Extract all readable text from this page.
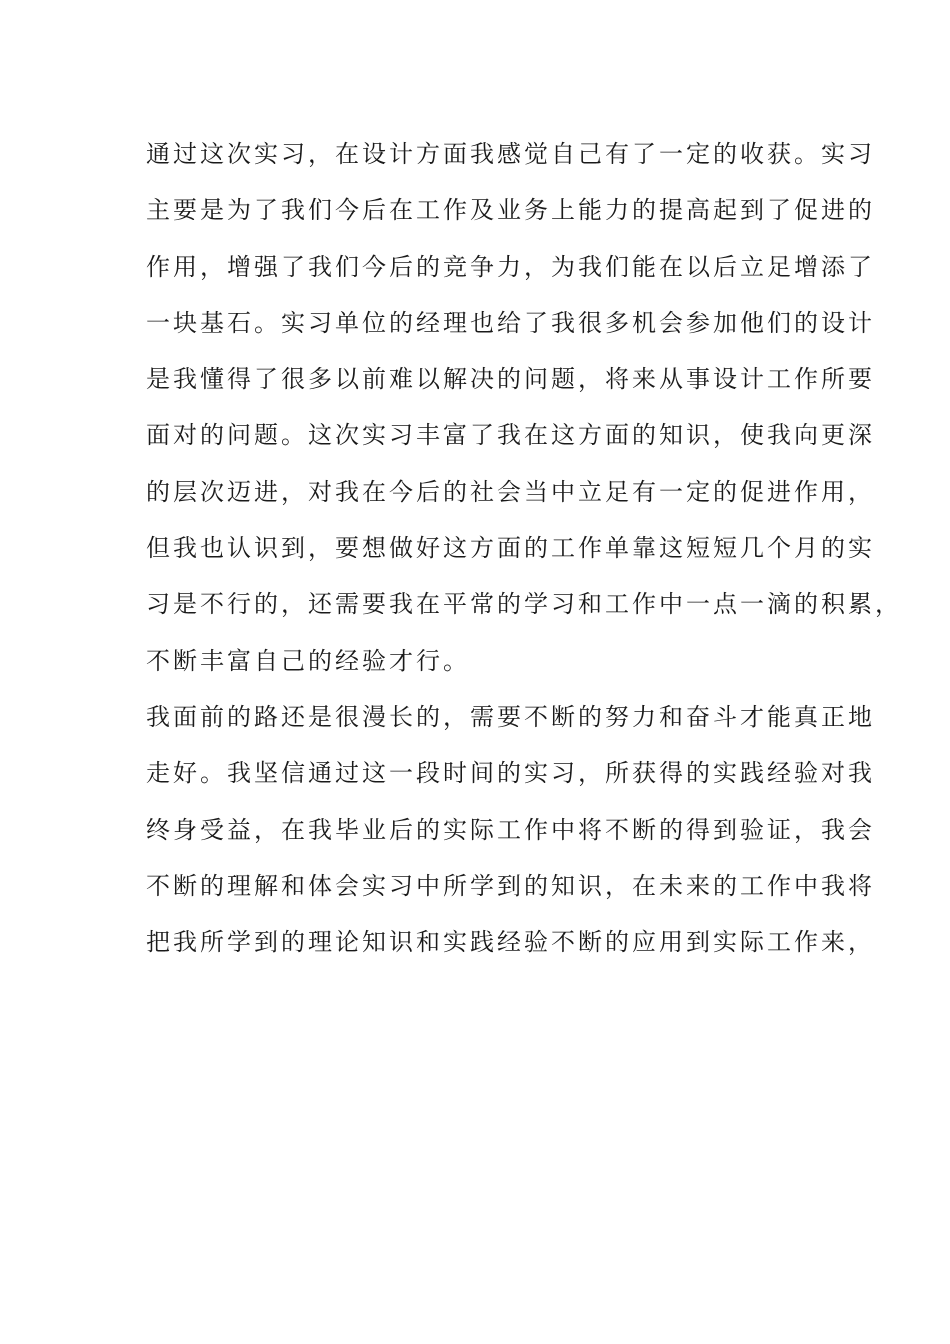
通过这次实习，在设计方面我感觉自己有了一定的收获。实习
主要是为了我们今后在工作及业务上能力的提高起到了促进的
作用，增强了我们今后的竞争力，为我们能在以后立足增添了
一块基石。实习单位的经理也给了我很多机会参加他们的设计
是我懂得了很多以前难以解决的问题，将来从事设计工作所要
面对的问题。这次实习丰富了我在这方面的知识，使我向更深
的层次迈进，对我在今后的社会当中立足有一定的促进作用，
但我也认识到，要想做好这方面的工作单靠这短短几个月的实
习是不行的，还需要我在平常的学习和工作中一点一滴的积累，
不断丰富自己的经验才行。
我面前的路还是很漫长的，需要不断的努力和奋斗才能真正地
走好。我坚信通过这一段时间的实习，所获得的实践经验对我
终身受益，在我毕业后的实际工作中将不断的得到验证，我会
不断的理解和体会实习中所学到的知识，在未来的工作中我将
把我所学到的理论知识和实践经验不断的应用到实际工作来，
